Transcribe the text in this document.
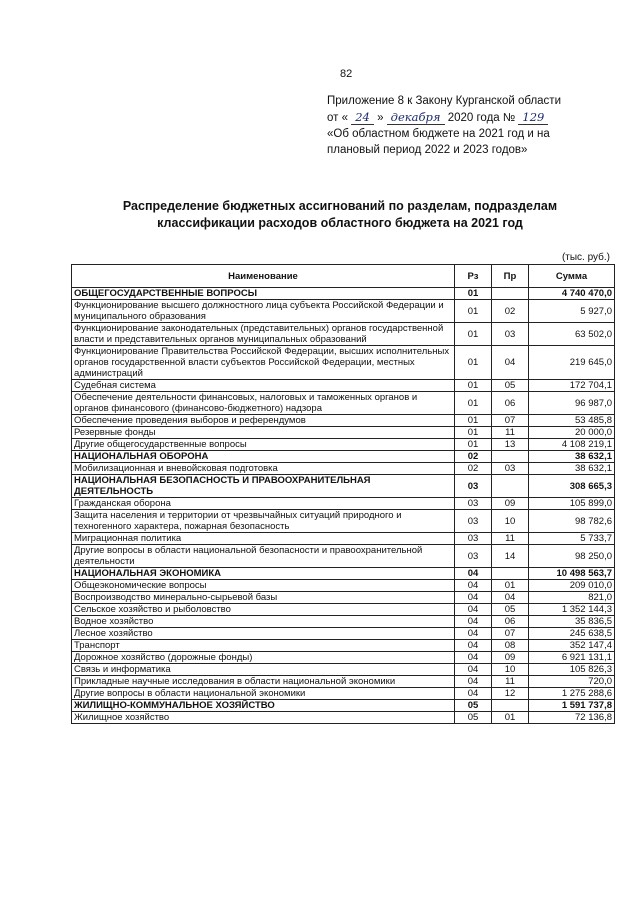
82
Приложение 8 к Закону Курганской области
от « 24 » декабря 2020 года № 129
«Об областном бюджете на 2021 год и на
плановый период 2022 и 2023 годов»
Распределение бюджетных ассигнований по разделам, подразделам классификации расходов областного бюджета на 2021 год
(тыс. руб.)
Наименование	Рз	Пр	Сумма
ОБЩЕГОСУДАРСТВЕННЫЕ ВОПРОСЫ	01		4 740 470,0
Функционирование высшего должностного лица субъекта Российской Федерации и муниципального образования	01	02	5 927,0
Функционирование законодательных (представительных) органов государственной власти и представительных органов муниципальных образований	01	03	63 502,0
Функционирование Правительства Российской Федерации, высших исполнительных органов государственной власти субъектов Российской Федерации, местных администраций	01	04	219 645,0
Судебная система	01	05	172 704,1
Обеспечение деятельности финансовых, налоговых и таможенных органов и органов финансового (финансово-бюджетного) надзора	01	06	96 987,0
Обеспечение проведения выборов и референдумов	01	07	53 485,8
Резервные фонды	01	11	20 000,0
Другие общегосударственные вопросы	01	13	4 108 219,1
НАЦИОНАЛЬНАЯ ОБОРОНА	02		38 632,1
Мобилизационная и вневойсковая подготовка	02	03	38 632,1
НАЦИОНАЛЬНАЯ БЕЗОПАСНОСТЬ И ПРАВООХРАНИТЕЛЬНАЯ ДЕЯТЕЛЬНОСТЬ	03		308 665,3
Гражданская оборона	03	09	105 899,0
Защита населения и территории от чрезвычайных ситуаций природного и техногенного характера, пожарная безопасность	03	10	98 782,6
Миграционная политика	03	11	5 733,7
Другие вопросы в области национальной безопасности и правоохранительной деятельности	03	14	98 250,0
НАЦИОНАЛЬНАЯ ЭКОНОМИКА	04		10 498 563,7
Общеэкономические вопросы	04	01	209 010,0
Воспроизводство минерально-сырьевой базы	04	04	821,0
Сельское хозяйство и рыболовство	04	05	1 352 144,3
Водное хозяйство	04	06	35 836,5
Лесное хозяйство	04	07	245 638,5
Транспорт	04	08	352 147,4
Дорожное хозяйство (дорожные фонды)	04	09	6 921 131,1
Связь и информатика	04	10	105 826,3
Прикладные научные исследования в области национальной экономики	04	11	720,0
Другие вопросы в области национальной экономики	04	12	1 275 288,6
ЖИЛИЩНО-КОММУНАЛЬНОЕ ХОЗЯЙСТВО	05		1 591 737,8
Жилищное хозяйство	05	01	72 136,8
